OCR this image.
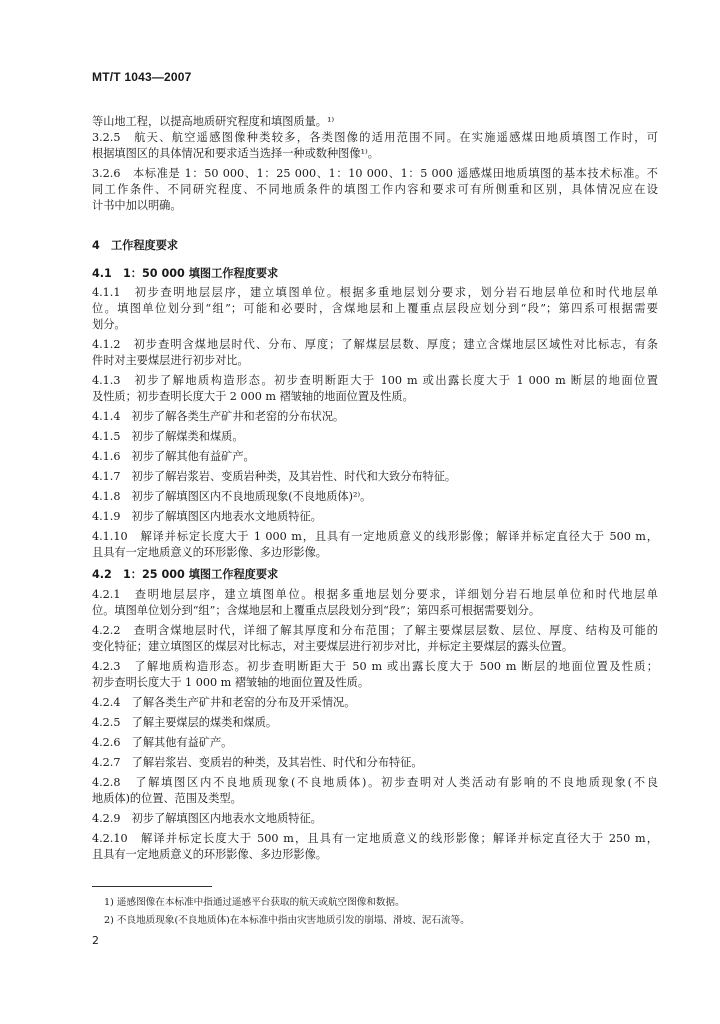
MT/T 1043—2007
等山地工程，以提高地质研究程度和填图质量。¹⁾
3.2.5　航天、航空遥感图像种类较多，各类图像的适用范围不同。在实施遥感煤田地质填图工作时，可
根据填图区的具体情况和要求适当选择一种或数种图像¹⁾。
3.2.6　本标准是 1：50 000、1：25 000、1：10 000、1：5 000 遥感煤田地质填图的基本技术标准。不
同工作条件、不同研究程度、不同地质条件的填图工作内容和要求可有所侧重和区别，具体情况应在设
计书中加以明确。
4　工作程度要求
4.1　1：50 000 填图工作程度要求
4.1.1　初步查明地层层序，建立填图单位。根据多重地层划分要求，划分岩石地层单位和时代地层单
位。填图单位划分到“组”；可能和必要时，含煤地层和上覆重点层段应划分到“段”；第四系可根据需要
划分。
4.1.2　初步查明含煤地层时代、分布、厚度；了解煤层层数、厚度；建立含煤地层区域性对比标志，有条
件时对主要煤层进行初步对比。
4.1.3　初步了解地质构造形态。初步查明断距大于 100 m 或出露长度大于 1 000 m 断层的地面位置
及性质；初步查明长度大于 2 000 m 褶皱轴的地面位置及性质。
4.1.4　初步了解各类生产矿井和老窑的分布状况。
4.1.5　初步了解煤类和煤质。
4.1.6　初步了解其他有益矿产。
4.1.7　初步了解岩浆岩、变质岩种类，及其岩性、时代和大致分布特征。
4.1.8　初步了解填图区内不良地质现象(不良地质体)²⁾。
4.1.9　初步了解填图区内地表水文地质特征。
4.1.10　解译并标定长度大于 1 000 m，且具有一定地质意义的线形影像；解译并标定直径大于 500 m，
且具有一定地质意义的环形影像、多边形影像。
4.2　1：25 000 填图工作程度要求
4.2.1　查明地层层序，建立填图单位。根据多重地层划分要求，详细划分岩石地层单位和时代地层单
位。填图单位划分到“组”；含煤地层和上覆重点层段划分到“段”；第四系可根据需要划分。
4.2.2　查明含煤地层时代，详细了解其厚度和分布范围；了解主要煤层层数、层位、厚度、结构及可能的
变化特征；建立填图区的煤层对比标志，对主要煤层进行初步对比，并标定主要煤层的露头位置。
4.2.3　了解地质构造形态。初步查明断距大于 50 m 或出露长度大于 500 m 断层的地面位置及性质；
初步查明长度大于 1 000 m 褶皱轴的地面位置及性质。
4.2.4　了解各类生产矿井和老窑的分布及开采情况。
4.2.5　了解主要煤层的煤类和煤质。
4.2.6　了解其他有益矿产。
4.2.7　了解岩浆岩、变质岩的种类，及其岩性、时代和分布特征。
4.2.8　了解填图区内不良地质现象(不良地质体)。初步查明对人类活动有影响的不良地质现象(不良
地质体)的位置、范围及类型。
4.2.9　初步了解填图区内地表水文地质特征。
4.2.10　解译并标定长度大于 500 m，且具有一定地质意义的线形影像；解译并标定直径大于 250 m，
且具有一定地质意义的环形影像、多边形影像。
1) 遥感图像在本标准中指通过遥感平台获取的航天或航空图像和数据。
2) 不良地质现象(不良地质体)在本标准中指由灾害地质引发的崩塌、滑坡、泥石流等。
2
